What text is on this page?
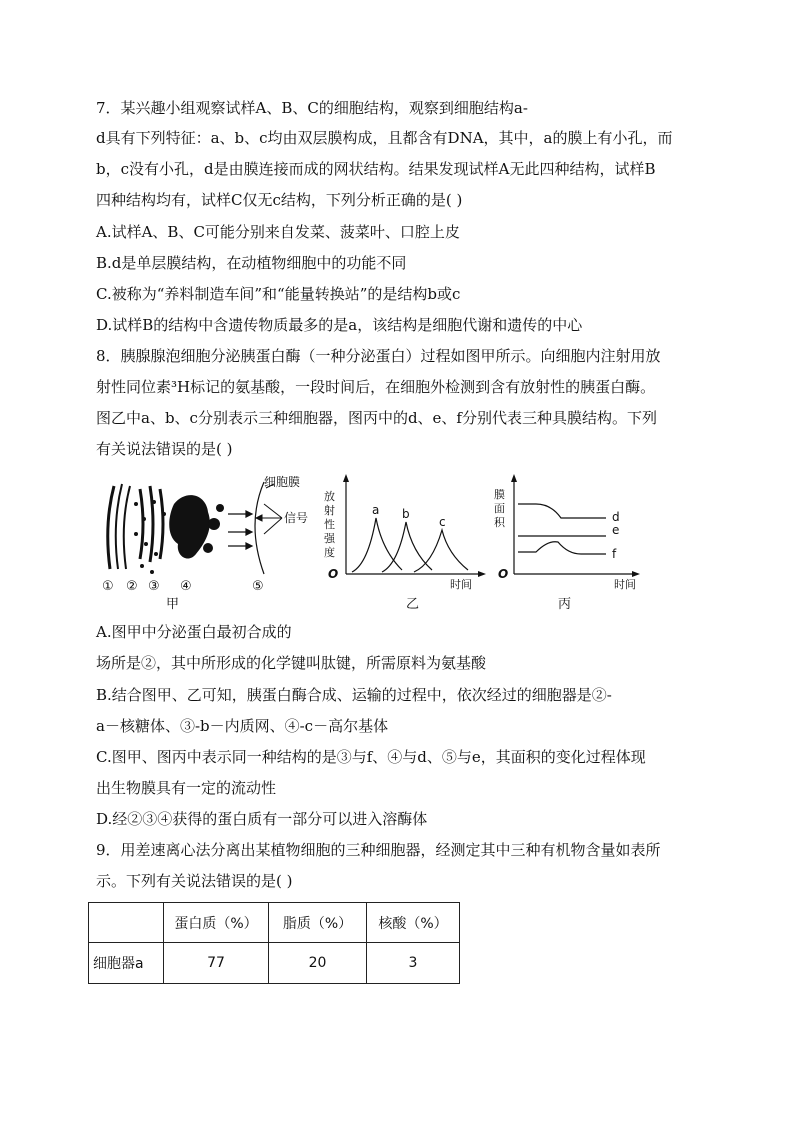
7．某兴趣小组观察试样A、B、C的细胞结构，观察到细胞结构a-
d具有下列特征：a、b、c均由双层膜构成，且都含有DNA，其中，a的膜上有小孔，而
b，c没有小孔，d是由膜连接而成的网状结构。结果发现试样A无此四种结构，试样B
四种结构均有，试样C仅无c结构，下列分析正确的是( )
A.试样A、B、C可能分别来自发菜、菠菜叶、口腔上皮
B.d是单层膜结构，在动植物细胞中的功能不同
C.被称为“养料制造车间”和“能量转换站”的是结构b或c
D.试样B的结构中含遗传物质最多的是a，该结构是细胞代谢和遗传的中心
8．胰腺腺泡细胞分泌胰蛋白酶（一种分泌蛋白）过程如图甲所示。向细胞内注射用放
射性同位素³H标记的氨基酸，一段时间后，在细胞外检测到含有放射性的胰蛋白酶。
图乙中a、b、c分别表示三种细胞器，图丙中的d、e、f分别代表三种具膜结构。下列
有关说法错误的是( )
细胞膜
信号
① ② ③ ④	⑤
甲
放
射
性
强
度
O
时间
a b
c
乙
膜
面
积
O
时间
d
e
f
丙
A.图甲中分泌蛋白最初合成的
场所是②，其中所形成的化学键叫肽键，所需原料为氨基酸
B.结合图甲、乙可知，胰蛋白酶合成、运输的过程中，依次经过的细胞器是②-
a－核糖体、③-b－内质网、④-c－高尔基体
C.图甲、图丙中表示同一种结构的是③与f、④与d、⑤与e，其面积的变化过程体现
出生物膜具有一定的流动性
D.经②③④获得的蛋白质有一部分可以进入溶酶体
9．用差速离心法分离出某植物细胞的三种细胞器，经测定其中三种有机物含量如表所
示。下列有关说法错误的是( )
	蛋白质（%）	脂质（%）	核酸（%）
细胞器a	77	20	3
